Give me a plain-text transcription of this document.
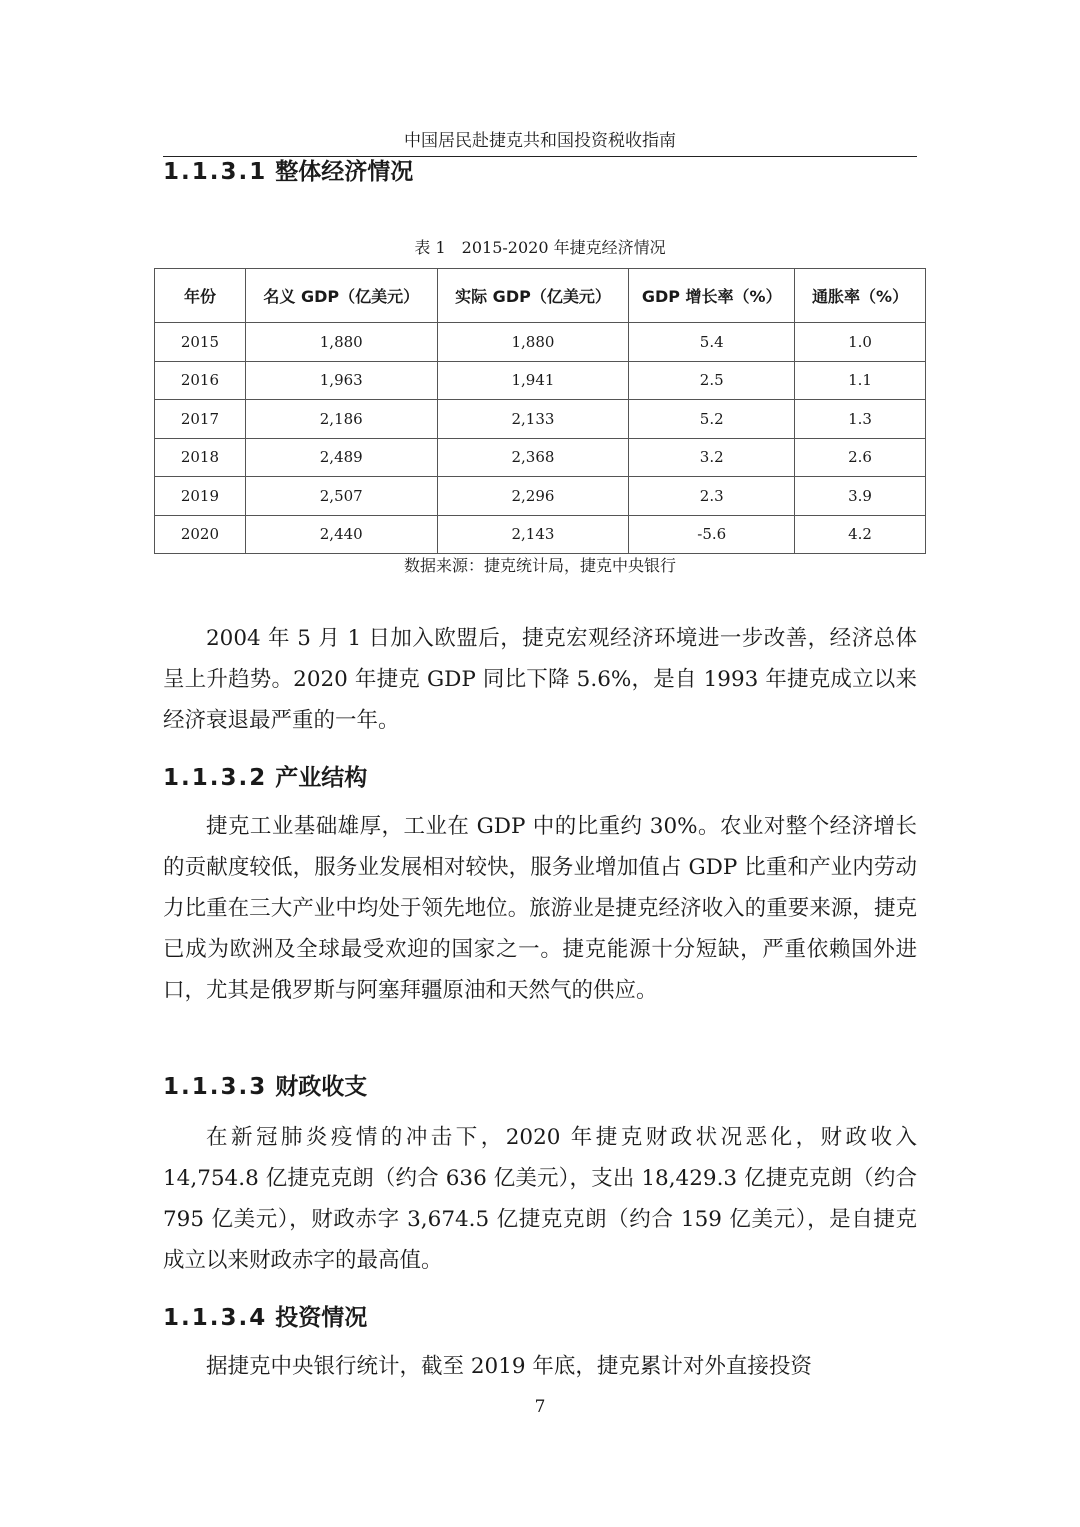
中国居民赴捷克共和国投资税收指南
1.1.3.1 整体经济情况
表 1　2015-2020 年捷克经济情况
年份	名义 GDP（亿美元）	实际 GDP（亿美元）	GDP 增长率（%）	通胀率（%）
2015	1,880	1,880	5.4	1.0
2016	1,963	1,941	2.5	1.1
2017	2,186	2,133	5.2	1.3
2018	2,489	2,368	3.2	2.6
2019	2,507	2,296	2.3	3.9
2020	2,440	2,143	-5.6	4.2
数据来源：捷克统计局，捷克中央银行

2004 年 5 月 1 日加入欧盟后，捷克宏观经济环境进一步改善，经济总体呈上升趋势。2020 年捷克 GDP 同比下降 5.6%，是自 1993 年捷克成立以来经济衰退最严重的一年。

1.1.3.2 产业结构

捷克工业基础雄厚，工业在 GDP 中的比重约 30%。农业对整个经济增长的贡献度较低，服务业发展相对较快，服务业增加值占 GDP 比重和产业内劳动力比重在三大产业中均处于领先地位。旅游业是捷克经济收入的重要来源，捷克已成为欧洲及全球最受欢迎的国家之一。捷克能源十分短缺，严重依赖国外进口，尤其是俄罗斯与阿塞拜疆原油和天然气的供应。

1.1.3.3 财政收支

在新冠肺炎疫情的冲击下，2020 年捷克财政状况恶化，财政收入 14,754.8 亿捷克克朗（约合 636 亿美元），支出 18,429.3 亿捷克克朗（约合 795 亿美元），财政赤字 3,674.5 亿捷克克朗（约合 159 亿美元），是自捷克成立以来财政赤字的最高值。

1.1.3.4 投资情况

据捷克中央银行统计，截至 2019 年底，捷克累计对外直接投资

7
